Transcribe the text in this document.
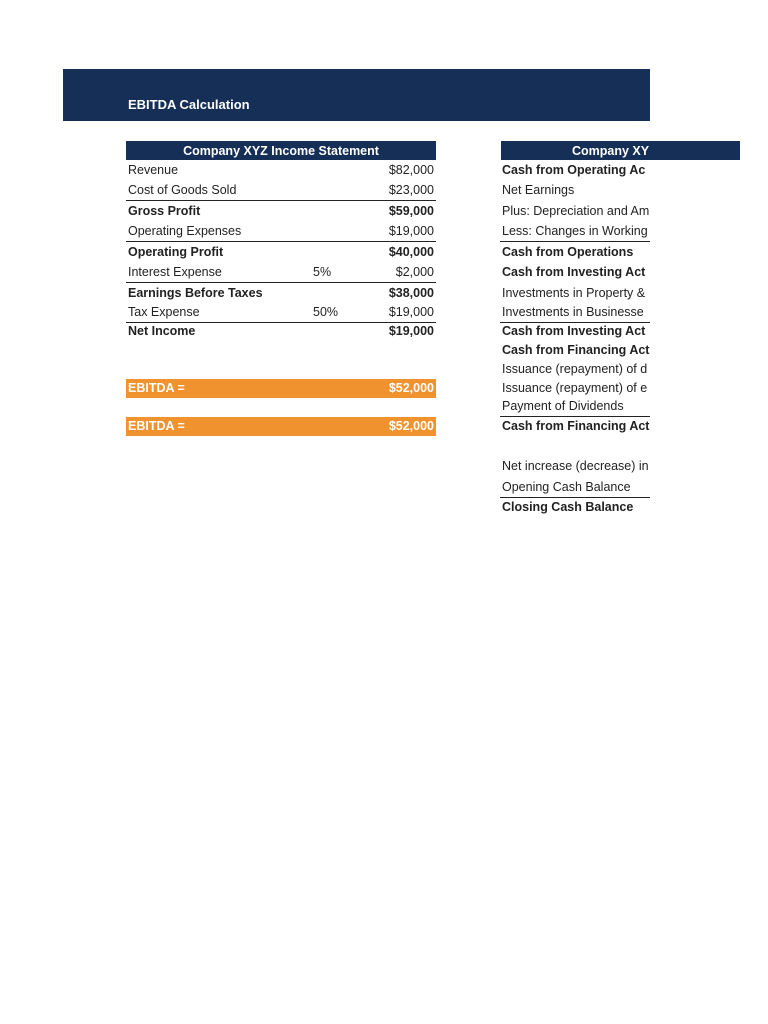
EBITDA Calculation
Company XYZ Income Statement
Revenue	$82,000
Cost of Goods Sold	$23,000
Gross Profit	$59,000
Operating Expenses	$19,000
Operating Profit	$40,000
Interest Expense	5%	$2,000
Earnings Before Taxes	$38,000
Tax Expense	50%	$19,000
Net Income	$19,000
EBITDA =	$52,000
EBITDA =	$52,000
Company XY
Cash from Operating Ac
Net Earnings
Plus: Depreciation and Am
Less: Changes in Working
Cash from Operations
Cash from Investing Act
Investments in Property &
Investments in Businesse
Cash from Investing Act
Cash from Financing Act
Issuance (repayment) of d
Issuance (repayment) of e
Payment of Dividends
Cash from Financing Act
Net increase (decrease) in
Opening Cash Balance
Closing Cash Balance
